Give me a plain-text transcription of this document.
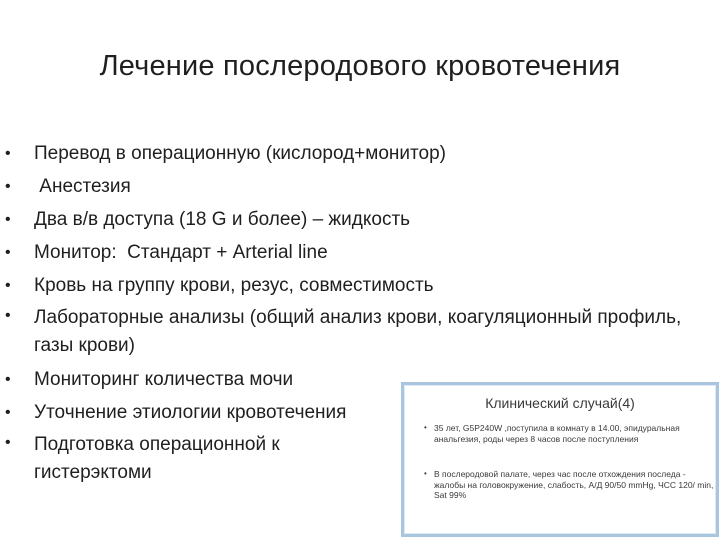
Лечение послеродового кровотечения
• Перевод в операционную (кислород+монитор)
• Анестезия
• Два в/в доступа (18 G и более) – жидкость
• Монитор:  Стандарт + Arterial line
• Кровь на группу крови, резус, совместимость
• Лабораторные анализы (общий анализ крови, коагуляционный профиль, газы крови)
• Мониторинг количества мочи
• Уточнение этиологии кровотечения
• Подготовка операционной к гистерэктоми
Клинический случай(4)
• 35 лет, G5P240W ,поступила в комнату в 14.00, эпидуральная анальгезия, роды через 8 часов после поступления
• В послеродовой палате, через час после отхождения последа - жалобы на головокружение, слабость, А/Д 90/50 mmHg, ЧСС 120/ min, Sat 99%
